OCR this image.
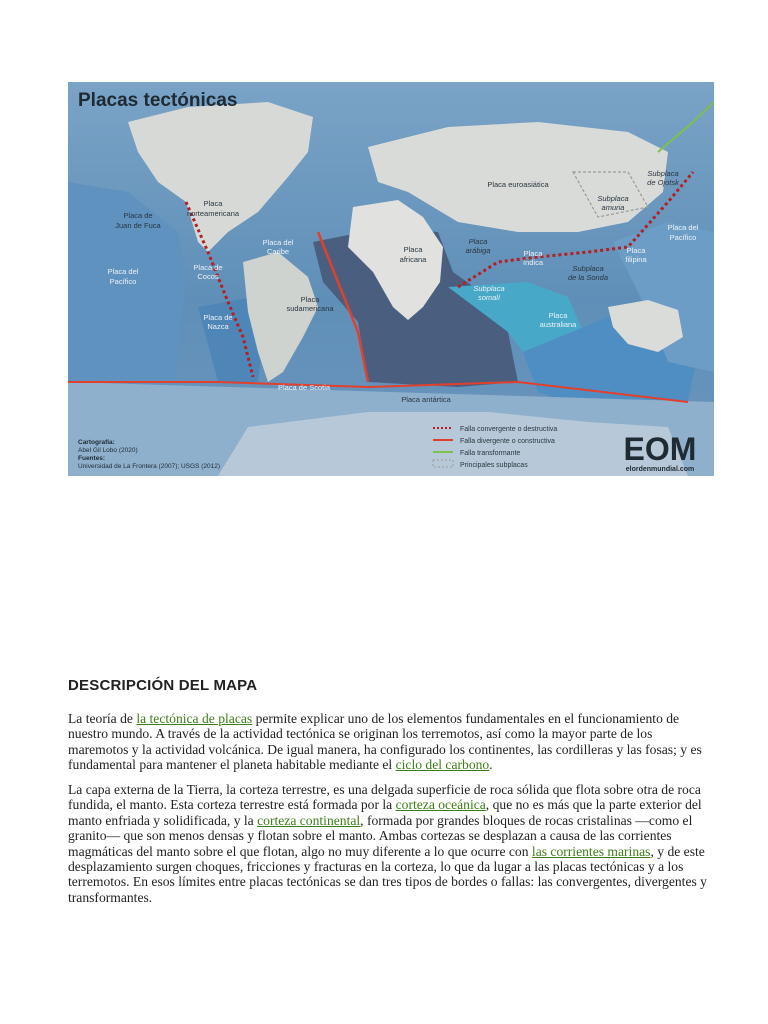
Placas tectónicas
Placa de
Juan de Fuca
Placa
norteamericana
Placa euroasiática
Subplaca
de Ojotsk
Subplaca
amuria
Placa del
Pacífico
Placa del
Pacífico
Placa del
Caribe
Placa de
Cocos
Placa
africana
Placa
arábiga	Placa
índica
Subplaca
de la Sonda
Placa
filipina
Subplaca
somalí
Placa de
Nazca
Placa
sudamericana
Placa
australiana
Placa de Scotia
Placa antártica
Falla convergente o destructiva
Falla divergente o constructiva
Falla transformante
Principales subplacas
Cartografía:
Abel Gil Lobo (2020)
Fuentes:
Universidad de La Frontera (2007); USGS (2012)	EOM
elordenmundial.com
DESCRIPCIÓN DEL MAPA

La teoría de la tectónica de placas permite explicar uno de los elementos fundamentales en el funcionamiento de nuestro mundo. A través de la actividad tectónica se originan los terremotos, así como la mayor parte de los maremotos y la actividad volcánica. De igual manera, ha configurado los continentes, las cordilleras y las fosas; y es fundamental para mantener el planeta habitable mediante el ciclo del carbono.

La capa externa de la Tierra, la corteza terrestre, es una delgada superficie de roca sólida que flota sobre otra de roca fundida, el manto. Esta corteza terrestre está formada por la corteza oceánica, que no es más que la parte exterior del manto enfriada y solidificada, y la corteza continental, formada por grandes bloques de rocas cristalinas —como el granito— que son menos densas y flotan sobre el manto. Ambas cortezas se desplazan a causa de las corrientes magmáticas del manto sobre el que flotan, algo no muy diferente a lo que ocurre con las corrientes marinas, y de este desplazamiento surgen choques, fricciones y fracturas en la corteza, lo que da lugar a las placas tectónicas y a los terremotos. En esos límites entre placas tectónicas se dan tres tipos de bordes o fallas: las convergentes, divergentes y transformantes.
